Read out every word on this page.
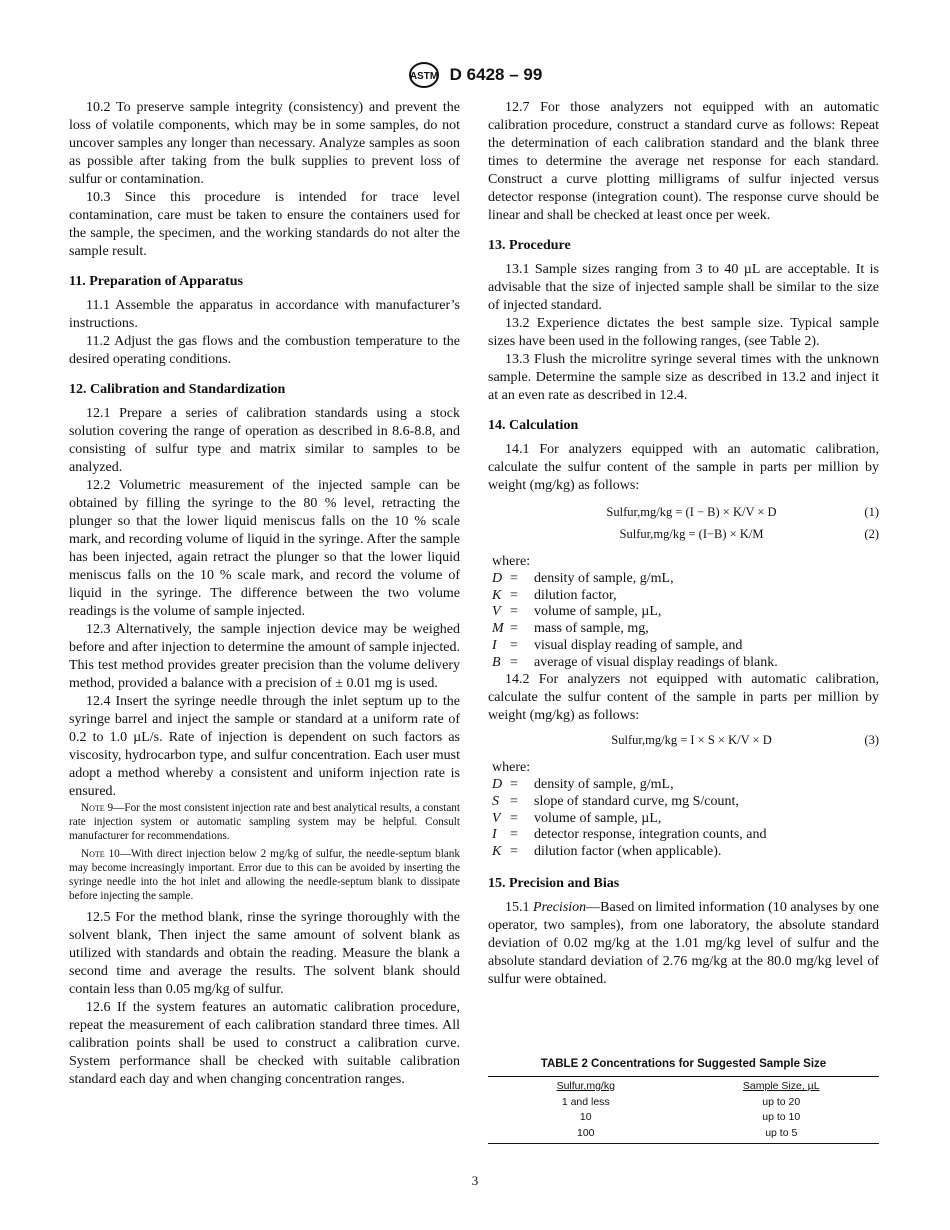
ASTM D 6428 – 99

10.2 To preserve sample integrity (consistency) and prevent the loss of volatile components, which may be in some samples, do not uncover samples any longer than necessary. Analyze samples as soon as possible after taking from the bulk supplies to prevent loss of sulfur or contamination.

10.3 Since this procedure is intended for trace level contamination, care must be taken to ensure the containers used for the sample, the specimen, and the working standards do not alter the sample result.

11. Preparation of Apparatus

11.1 Assemble the apparatus in accordance with manufacturer’s instructions.

11.2 Adjust the gas flows and the combustion temperature to the desired operating conditions.

12. Calibration and Standardization

12.1 Prepare a series of calibration standards using a stock solution covering the range of operation as described in 8.6-8.8, and consisting of sulfur type and matrix similar to samples to be analyzed.

12.2 Volumetric measurement of the injected sample can be obtained by filling the syringe to the 80 % level, retracting the plunger so that the lower liquid meniscus falls on the 10 % scale mark, and recording volume of liquid in the syringe. After the sample has been injected, again retract the plunger so that the lower liquid meniscus falls on the 10 % scale mark, and record the volume of liquid in the syringe. The difference between the two volume readings is the volume of sample injected.

12.3 Alternatively, the sample injection device may be weighed before and after injection to determine the amount of sample injected. This test method provides greater precision than the volume delivery method, provided a balance with a precision of ± 0.01 mg is used.

12.4 Insert the syringe needle through the inlet septum up to the syringe barrel and inject the sample or standard at a uniform rate of 0.2 to 1.0 µL/s. Rate of injection is dependent on such factors as viscosity, hydrocarbon type, and sulfur concentration. Each user must adopt a method whereby a consistent and uniform injection rate is ensured.

Note 9—For the most consistent injection rate and best analytical results, a constant rate injection system or automatic sampling system may be helpful. Consult manufacturer for recommendations.

Note 10—With direct injection below 2 mg/kg of sulfur, the needle-septum blank may become increasingly important. Error due to this can be avoided by inserting the syringe needle into the hot inlet and allowing the needle-septum blank to dissipate before injecting the sample.

12.5 For the method blank, rinse the syringe thoroughly with the solvent blank, Then inject the same amount of solvent blank as utilized with standards and obtain the reading. Measure the blank a second time and average the results. The solvent blank should contain less than 0.05 mg/kg of sulfur.

12.6 If the system features an automatic calibration procedure, repeat the measurement of each calibration standard three times. All calibration points shall be used to construct a calibration curve. System performance shall be checked with suitable calibration standard each day and when changing concentration ranges.

12.7 For those analyzers not equipped with an automatic calibration procedure, construct a standard curve as follows: Repeat the determination of each calibration standard and the blank three times to determine the average net response for each standard. Construct a curve plotting milligrams of sulfur injected versus detector response (integration count). The response curve should be linear and shall be checked at least once per week.

13. Procedure

13.1 Sample sizes ranging from 3 to 40 µL are acceptable. It is advisable that the size of injected sample shall be similar to the size of injected standard.

13.2 Experience dictates the best sample size. Typical sample sizes have been used in the following ranges, (see Table 2).

13.3 Flush the microlitre syringe several times with the unknown sample. Determine the sample size as described in 13.2 and inject it at an even rate as described in 12.4.

14. Calculation

14.1 For analyzers equipped with an automatic calibration, calculate the sulfur content of the sample in parts per million by weight (mg/kg) as follows:

Sulfur,mg/kg = (I − B) × K/V × D	(1)
Sulfur,mg/kg = (I−B) × K/M	(2)
where:
D =	density of sample, g/mL,
K =	dilution factor,
V =	volume of sample, µL,
M =	mass of sample, mg,
I =	visual display reading of sample, and
B =	average of visual display readings of blank.

14.2 For analyzers not equipped with automatic calibration, calculate the sulfur content of the sample in parts per million by weight (mg/kg) as follows:

Sulfur,mg/kg = I × S × K/V × D	(3)
where:
D =	density of sample, g/mL,
S =	slope of standard curve, mg S/count,
V =	volume of sample, µL,
I =	detector response, integration counts, and
K =	dilution factor (when applicable).
15. Precision and Bias

15.1 Precision—Based on limited information (10 analyses by one operator, two samples), from one laboratory, the absolute standard deviation of 0.02 mg/kg at the 1.01 mg/kg level of sulfur and the absolute standard deviation of 2.76 mg/kg at the 80.0 mg/kg level of sulfur were obtained.

TABLE 2 Concentrations for Suggested Sample Size
Sulfur,mg/kg	Sample Size, µL
1 and less	up to 20
10	up to 10
100	up to 5
3
